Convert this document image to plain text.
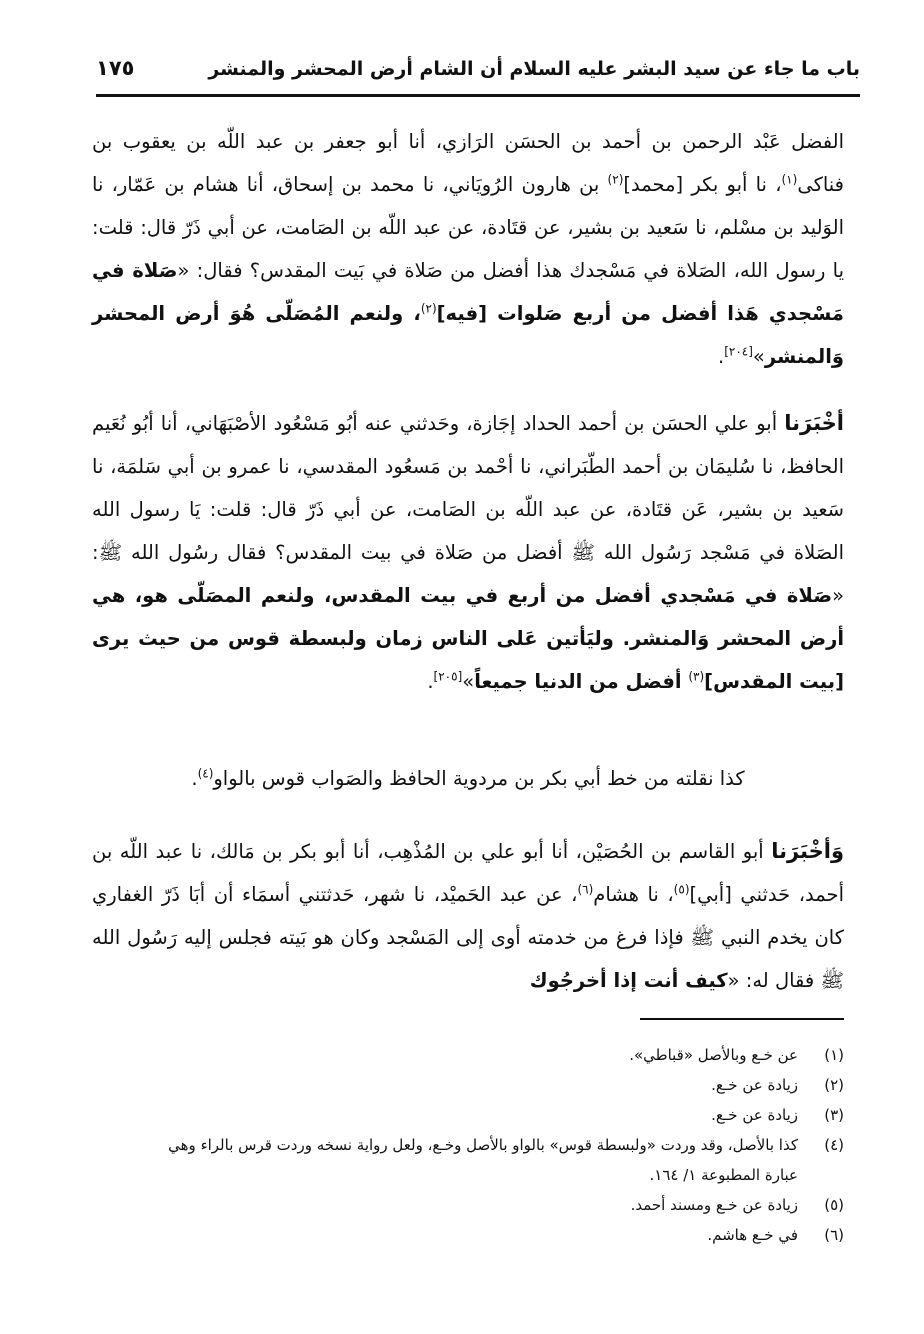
باب ما جاء عن سيد البشر عليه السلام أن الشام أرض المحشر والمنشر
١٧٥
الفضل عَبْد الرحمن بن أحمد بن الحسَن الرَازي، أنا أبو جعفر بن عبد اللّه بن يعقوب بن فناكى$^{(١)}$، نا أبو بكر [محمد]$^{(٢)}$ بن هارون الرُويَاني، نا محمد بن إسحاق، أنا هشام بن عَمّار، نا الوَليد بن مسْلم، نا سَعيد بن بشير، عن قتَادة، عن عبد اللّه بن الصَامت، عن أبي ذَرّ قال: قلت: يا رسول الله، الصَلاة في مَسْجدك هذا أفضل من صَلاة في بَيت المقدس؟ فقال: «صَلاة في مَسْجدي هَذا أفضل من أربع صَلوات [فيه]$^{(٢)}$، ولنعم المُصَلّى هُوَ أرض المحشر وَالمنشر»[٢٠٤].
أخْبَرَنا أبو علي الحسَن بن أحمد الحداد إجَازة، وحَدثني عنه أبُو مَسْعُود الأصْبَهَاني، أنا أبُو نُعَيم الحافظ، نا سُليمَان بن أحمد الطّبَراني، نا أحْمد بن مَسعُود المقدسي، نا عمرو بن أبي سَلمَة، نا سَعيد بن بشير، عَن قتَادة، عن عبد اللّه بن الصَامت، عن أبي ذَرّ قال: قلت: يَا رسول الله الصَلاة في مَسْجد رَسُول الله ﷺ أفضل من صَلاة في بيت المقدس؟ فقال رسُول الله ﷺ: «صَلاة في مَسْجدي أفضل من أربع في بيت المقدس، ولنعم المصَلّى هو، هي أرض المحشر وَالمنشر. وليَأتين عَلى الناس زمان ولبسطة قوس من حيث يرى [بيت المقدس]$^{(٣)}$ أفضل من الدنيا جميعاً»[٢٠٥].
كذا نقلته من خط أبي بكر بن مردوية الحافظ والصَواب قوس بالواو$^{(٤)}$.
وَأخْبَرَنا أبو القاسم بن الحُصَيْن، أنا أبو علي بن المُذْهِب، أنا أبو بكر بن مَالك، نا عبد اللّه بن أحمد، حَدثني [أبي]$^{(٥)}$، نا هشام$^{(٦)}$، عن عبد الحَميْد، نا شهر، حَدثتني أسمَاء أن أبَا ذَرّ الغفاري كان يخدم النبي ﷺ فإذا فرغ من خدمته أوى إلى المَسْجد وكان هو بَيته فجلس إليه رَسُول الله ﷺ فقال له: «كيف أنت إذا أخرجُوك
(١)
عن خـع وبالأصل «قباطي».
(٢)
زيادة عن خـع.
(٣)
زيادة عن خـع.
(٤)
كذا بالأصل، وقد وردت «ولبسطة قوس» بالواو بالأصل وخـع، ولعل رواية نسخه وردت قرس بالراء وهي
عبارة المطبوعة ١/ ١٦٤.
(٥)
زيادة عن خـع ومسند أحمد.
(٦)
في خـع هاشم.
